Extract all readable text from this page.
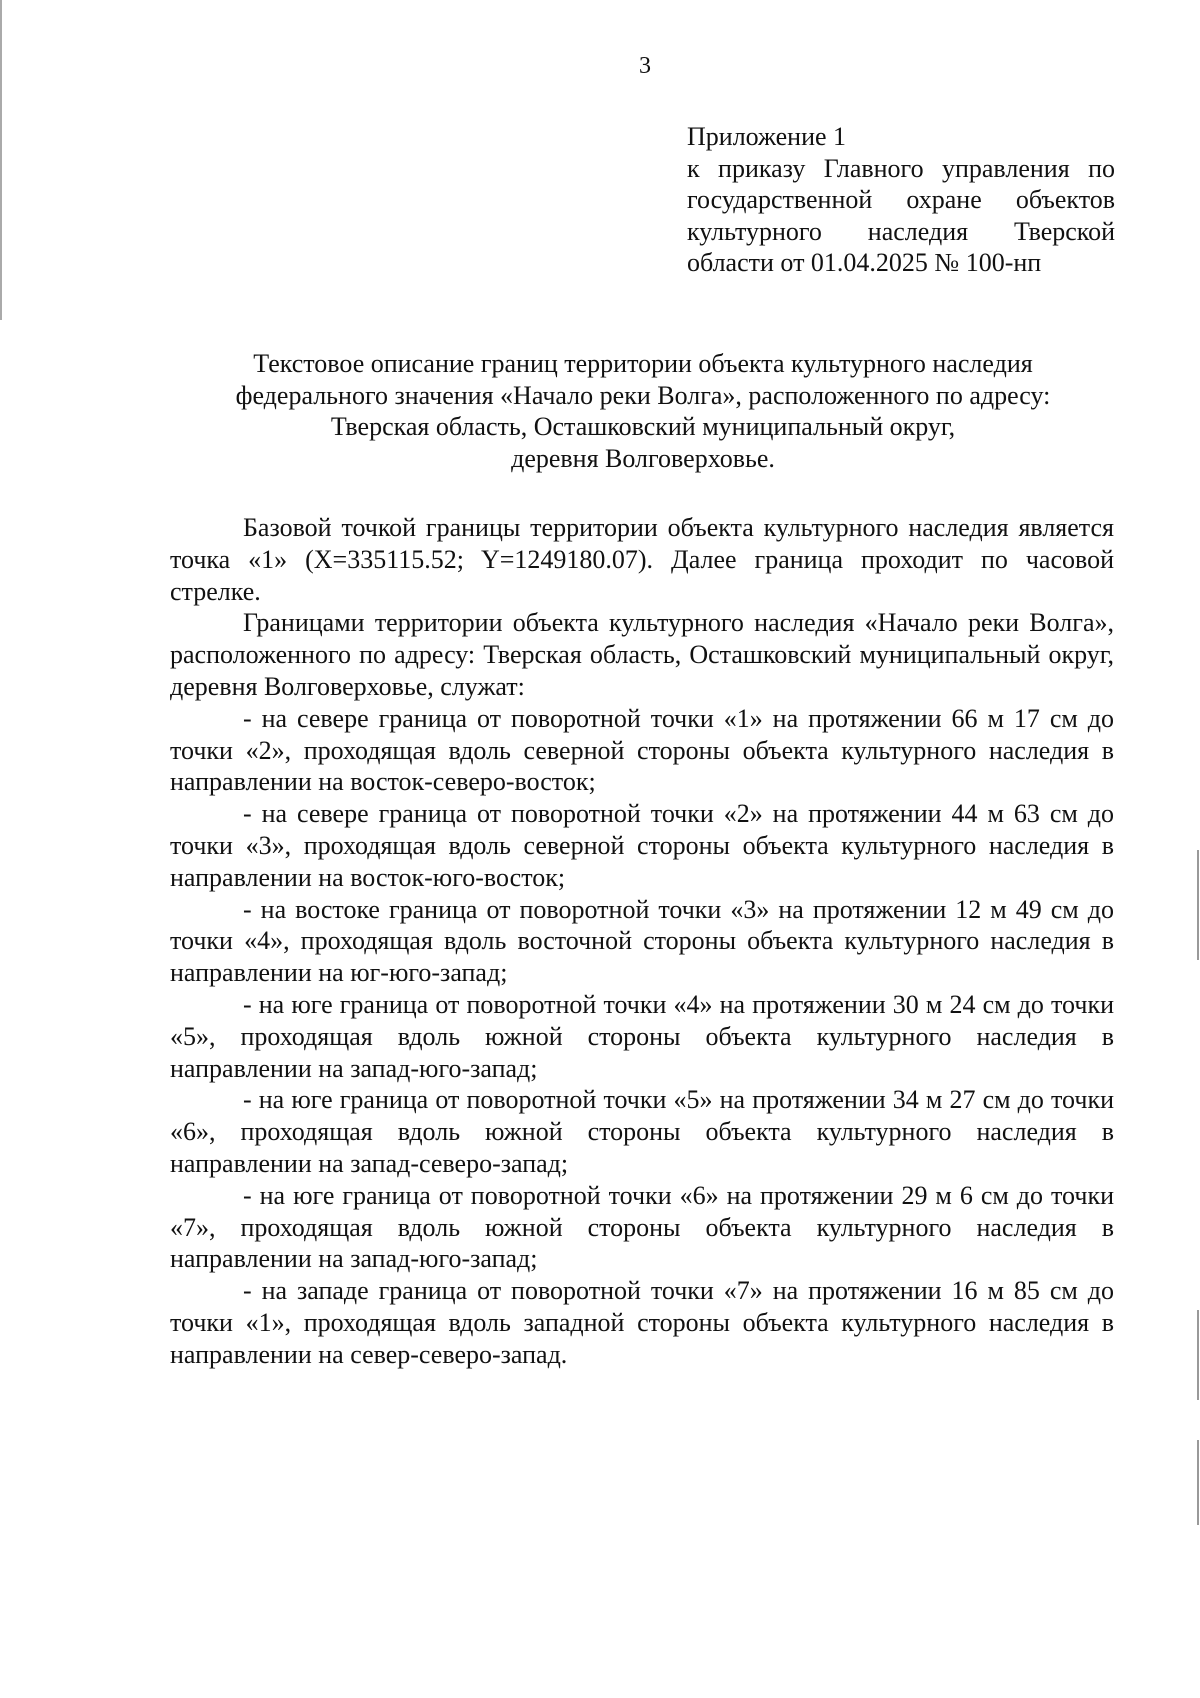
3
Приложение 1
к приказу Главного управления по
государственной охране объектов
культурного наследия Тверской
области от 01.04.2025 № 100-нп
Текстовое описание границ территории объекта культурного наследия
федерального значения «Начало реки Волга», расположенного по адресу:
Тверская область, Осташковский муниципальный округ,
деревня Волговерховье.

Базовой точкой границы территории объекта культурного наследия является точка «1» (X=335115.52; Y=1249180.07). Далее граница проходит по часовой стрелке.

Границами территории объекта культурного наследия «Начало реки Волга», расположенного по адресу: Тверская область, Осташковский муниципальный округ, деревня Волговерховье, служат:

- на севере граница от поворотной точки «1» на протяжении 66 м 17 см до точки «2», проходящая вдоль северной стороны объекта культурного наследия в направлении на восток-северо-восток;

- на севере граница от поворотной точки «2» на протяжении 44 м 63 см до точки «3», проходящая вдоль северной стороны объекта культурного наследия в направлении на восток-юго-восток;

- на востоке граница от поворотной точки «3» на протяжении 12 м 49 см до точки «4», проходящая вдоль восточной стороны объекта культурного наследия в направлении на юг-юго-запад;

- на юге граница от поворотной точки «4» на протяжении 30 м 24 см до точки «5», проходящая вдоль южной стороны объекта культурного наследия в направлении на запад-юго-запад;

- на юге граница от поворотной точки «5» на протяжении 34 м 27 см до точки «6», проходящая вдоль южной стороны объекта культурного наследия в направлении на запад-северо-запад;

- на юге граница от поворотной точки «6» на протяжении 29 м 6 см до точки «7», проходящая вдоль южной стороны объекта культурного наследия в направлении на запад-юго-запад;

- на западе граница от поворотной точки «7» на протяжении 16 м 85 см до точки «1», проходящая вдоль западной стороны объекта культурного наследия в направлении на север-северо-запад.
